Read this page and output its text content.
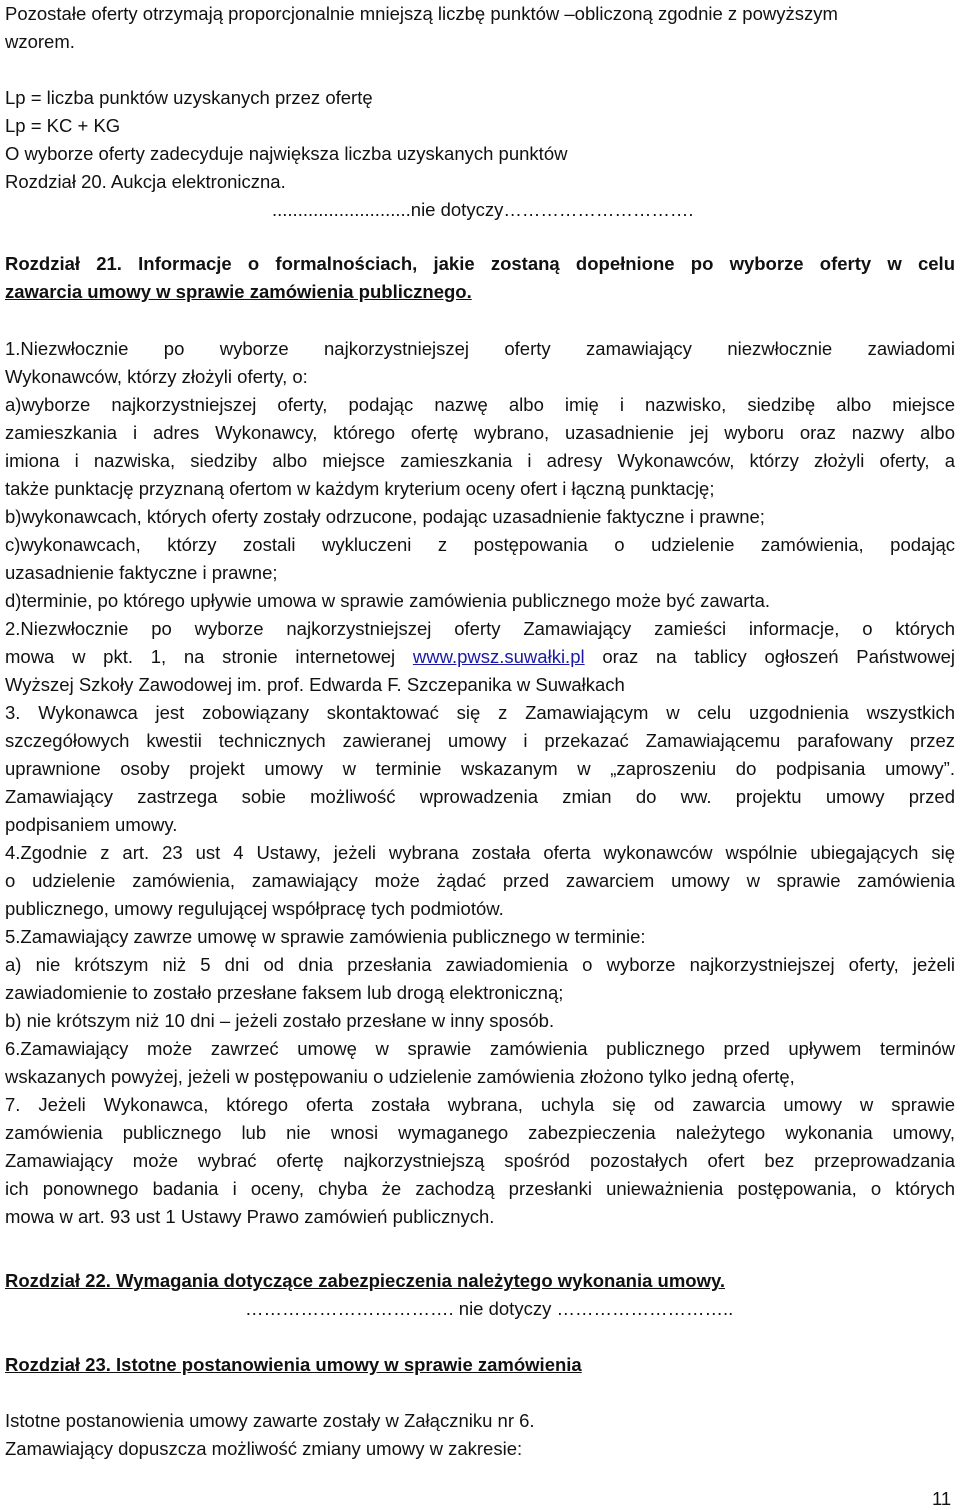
Pozostałe oferty otrzymają proporcjonalnie mniejszą liczbę punktów –obliczoną zgodnie z powyższym
wzorem.
Lp = liczba punktów uzyskanych przez ofertę
Lp = KC + KG
O wyborze oferty zadecyduje największa liczba uzyskanych punktów
Rozdział 20. Aukcja elektroniczna.
...........................nie dotyczy………………………….
Rozdział 21. Informacje o formalnościach, jakie zostaną dopełnione po wyborze oferty w celu
zawarcia umowy w sprawie zamówienia publicznego.
1.Niezwłocznie po wyborze najkorzystniejszej oferty zamawiający niezwłocznie zawiadomi
Wykonawców, którzy złożyli oferty, o:
a)wyborze najkorzystniejszej oferty, podając nazwę albo imię i nazwisko, siedzibę albo miejsce
zamieszkania i adres Wykonawcy, którego ofertę wybrano, uzasadnienie jej wyboru oraz nazwy albo
imiona i nazwiska, siedziby albo miejsce zamieszkania i adresy Wykonawców, którzy złożyli oferty, a
także punktację przyznaną ofertom w każdym kryterium oceny ofert i łączną punktację;
b)wykonawcach, których oferty zostały odrzucone, podając uzasadnienie faktyczne i prawne;
c)wykonawcach, którzy zostali wykluczeni z postępowania o udzielenie zamówienia, podając
uzasadnienie faktyczne i prawne;
d)terminie, po którego upływie umowa w sprawie zamówienia publicznego może być zawarta.
2.Niezwłocznie po wyborze najkorzystniejszej oferty Zamawiający zamieści informacje, o których
mowa w pkt. 1, na stronie internetowej www.pwsz.suwałki.pl oraz na tablicy ogłoszeń Państwowej
Wyższej Szkoły Zawodowej im. prof. Edwarda F. Szczepanika w Suwałkach
3. Wykonawca jest zobowiązany skontaktować się z Zamawiającym w celu uzgodnienia wszystkich
szczegółowych kwestii technicznych zawieranej umowy i przekazać Zamawiającemu parafowany przez
uprawnione osoby projekt umowy w terminie wskazanym w „zaproszeniu do podpisania umowy”.
Zamawiający zastrzega sobie możliwość wprowadzenia zmian do ww. projektu umowy przed
podpisaniem umowy.
4.Zgodnie z art. 23 ust 4 Ustawy, jeżeli wybrana została oferta wykonawców wspólnie ubiegających się
o udzielenie zamówienia, zamawiający może żądać przed zawarciem umowy w sprawie zamówienia
publicznego, umowy regulującej współpracę tych podmiotów.
5.Zamawiający zawrze umowę w sprawie zamówienia publicznego w terminie:
a) nie krótszym niż 5 dni od dnia przesłania zawiadomienia o wyborze najkorzystniejszej oferty, jeżeli
zawiadomienie to zostało przesłane faksem lub drogą elektroniczną;
b) nie krótszym niż 10 dni – jeżeli zostało przesłane w inny sposób.
6.Zamawiający może zawrzeć umowę w sprawie zamówienia publicznego przed upływem terminów
wskazanych powyżej, jeżeli w postępowaniu o udzielenie zamówienia złożono tylko jedną ofertę,
7. Jeżeli Wykonawca, którego oferta została wybrana, uchyla się od zawarcia umowy w sprawie
zamówienia publicznego lub nie wnosi wymaganego zabezpieczenia należytego wykonania umowy,
Zamawiający może wybrać ofertę najkorzystniejszą spośród pozostałych ofert bez przeprowadzania
ich ponownego badania i oceny, chyba że zachodzą przesłanki unieważnienia postępowania, o których
mowa w art. 93 ust 1 Ustawy Prawo zamówień publicznych.
Rozdział 22. Wymagania dotyczące zabezpieczenia należytego wykonania umowy.
……………………………. nie dotyczy ………………………..
Rozdział 23. Istotne postanowienia umowy w sprawie zamówienia
Istotne postanowienia umowy zawarte zostały w Załączniku nr 6.
Zamawiający dopuszcza możliwość zmiany umowy w zakresie:
11
